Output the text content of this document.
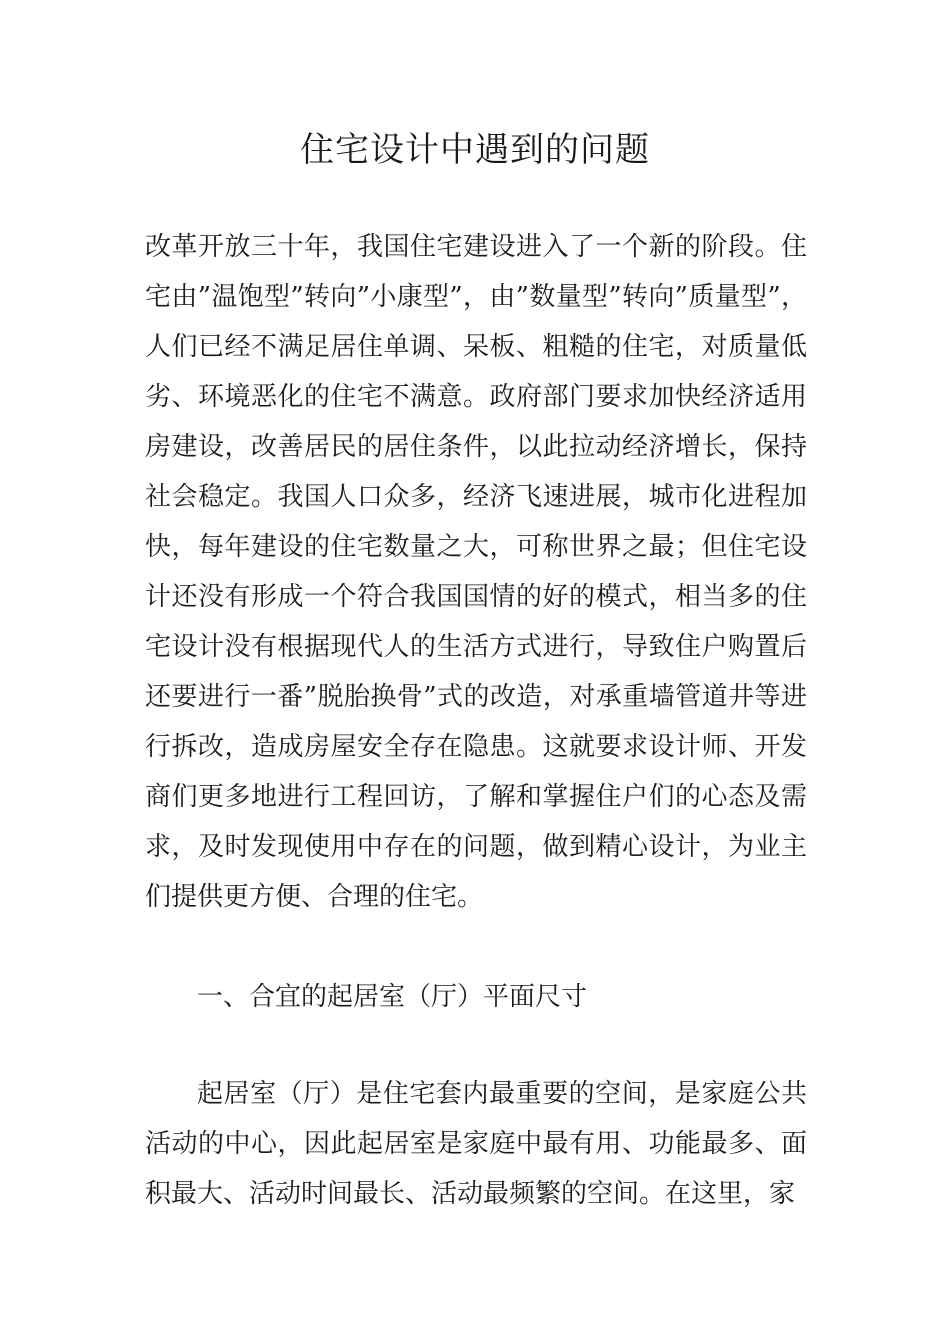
住宅设计中遇到的问题

改革开放三十年，我国住宅建设进入了一个新的阶段。住宅由”温饱型”转向”小康型”，由”数量型”转向”质量型”，人们已经不满足居住单调、呆板、粗糙的住宅，对质量低劣、环境恶化的住宅不满意。政府部门要求加快经济适用房建设，改善居民的居住条件，以此拉动经济增长，保持社会稳定。我国人口众多，经济飞速进展，城市化进程加快，每年建设的住宅数量之大，可称世界之最；但住宅设计还没有形成一个符合我国国情的好的模式，相当多的住宅设计没有根据现代人的生活方式进行，导致住户购置后还要进行一番”脱胎换骨”式的改造，对承重墙管道井等进行拆改，造成房屋安全存在隐患。这就要求设计师、开发商们更多地进行工程回访，了解和掌握住户们的心态及需求，及时发现使用中存在的问题，做到精心设计，为业主们提供更方便、合理的住宅。

一、合宜的起居室（厅）平面尺寸

起居室（厅）是住宅套内最重要的空间，是家庭公共活动的中心，因此起居室是家庭中最有用、功能最多、面积最大、活动时间最长、活动最频繁的空间。在这里，家
